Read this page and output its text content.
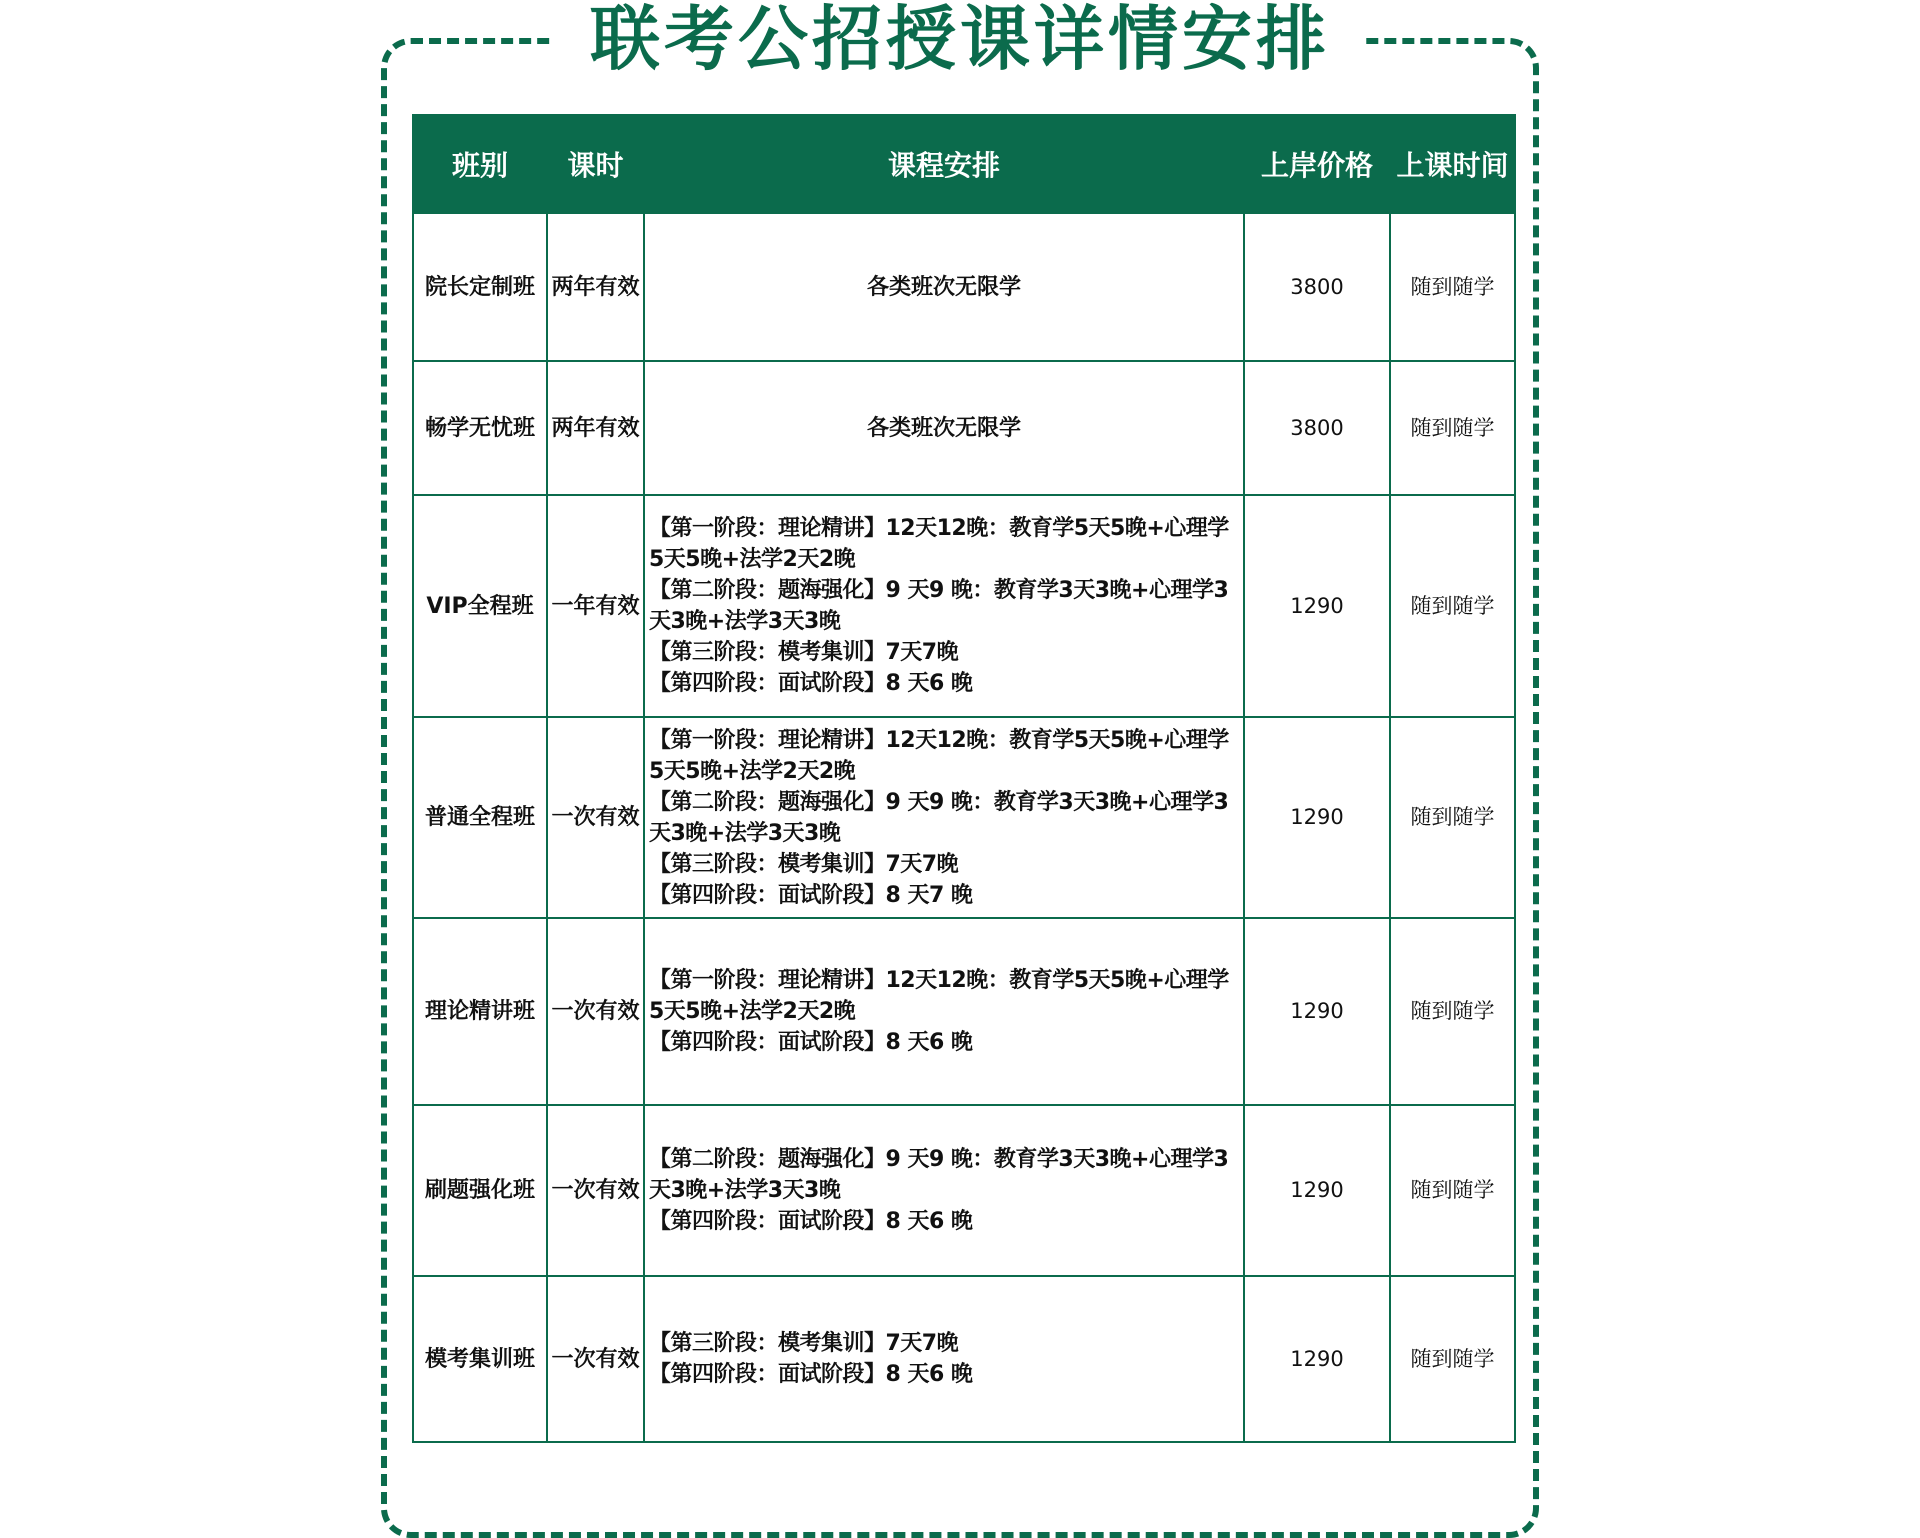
联考公招授课详情安排
班别	课时	课程安排	上岸价格	上课时间
院长定制班	两年有效	各类班次无限学	3800	随到随学
畅学无忧班	两年有效	各类班次无限学	3800	随到随学
VIP全程班	一年有效	【第一阶段：理论精讲】12天12晚：教育学5天5晚+心理学5天5晚+法学2天2晚
【第二阶段：题海强化】9 天9 晚：教育学3天3晚+心理学3天3晚+法学3天3晚
【第三阶段：模考集训】7天7晚
【第四阶段：面试阶段】8 天6 晚	1290	随到随学
普通全程班	一次有效	【第一阶段：理论精讲】12天12晚：教育学5天5晚+心理学5天5晚+法学2天2晚
【第二阶段：题海强化】9 天9 晚：教育学3天3晚+心理学3天3晚+法学3天3晚
【第三阶段：模考集训】7天7晚
【第四阶段：面试阶段】8 天7 晚	1290	随到随学
理论精讲班	一次有效	【第一阶段：理论精讲】12天12晚：教育学5天5晚+心理学5天5晚+法学2天2晚
【第四阶段：面试阶段】8 天6 晚	1290	随到随学
刷题强化班	一次有效	【第二阶段：题海强化】9 天9 晚：教育学3天3晚+心理学3天3晚+法学3天3晚
【第四阶段：面试阶段】8 天6 晚	1290	随到随学
模考集训班	一次有效	【第三阶段：模考集训】7天7晚
【第四阶段：面试阶段】8 天6 晚	1290	随到随学
